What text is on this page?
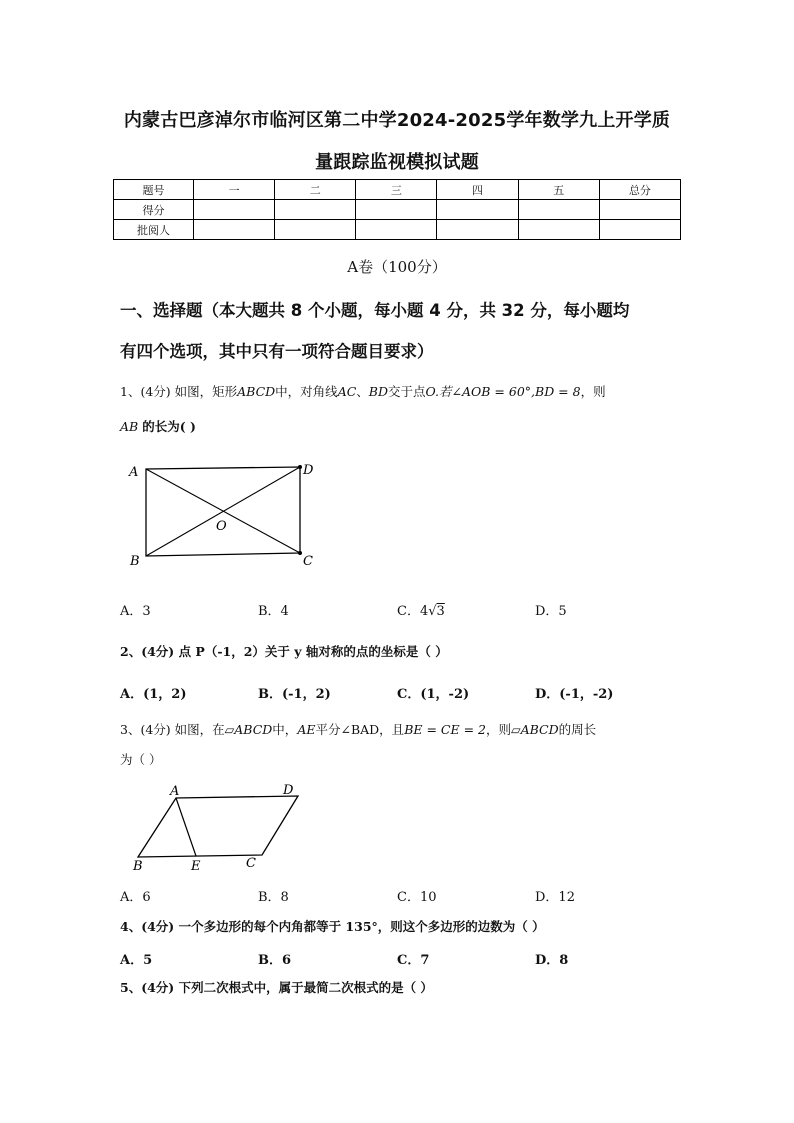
内蒙古巴彦淖尔市临河区第二中学2024-2025学年数学九上开学质
量跟踪监视模拟试题
题号	一	二	三	四	五	总分
得分						
批阅人						
A卷（100分）
一、选择题（本大题共 8 个小题，每小题 4 分，共 32 分，每小题均
有四个选项，其中只有一项符合题目要求）
1、(4分) 如图，矩形ABCD中，对角线AC、BD交于点O.若∠AOB = 60°,BD = 8，则
AB 的长为( )
A	D
O
B	C
A．3	B．4	C．4√3	D．5
2、(4分) 点 P（-1，2）关于 y 轴对称的点的坐标是（ ）
A．(1，2)	B．(-1，2)	C．(1，-2)	D．(-1，-2)
3、(4分) 如图，在▱ABCD中，AE平分∠BAD，且BE = CE = 2，则▱ABCD的周长
为（ ）
A	D
B	E	C
A．6	B．8	C．10	D．12
4、(4分) 一个多边形的每个内角都等于 135°，则这个多边形的边数为（ ）
A．5	B．6	C．7	D．8
5、(4分) 下列二次根式中，属于最简二次根式的是（ ）
